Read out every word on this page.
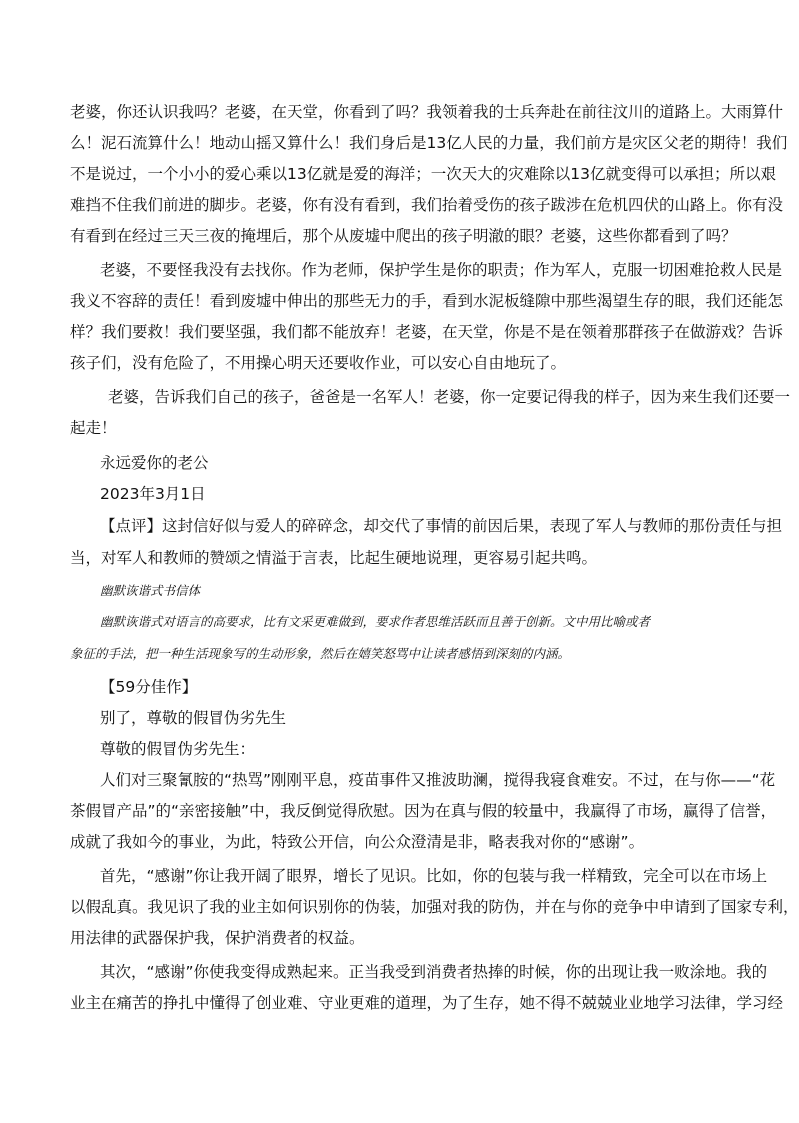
老婆，你还认识我吗？老婆，在天堂，你看到了吗？我领着我的士兵奔赴在前往汶川的道路上。大雨算什
么！泥石流算什么！地动山摇又算什么！我们身后是13亿人民的力量，我们前方是灾区父老的期待！我们
不是说过，一个小小的爱心乘以13亿就是爱的海洋；一次天大的灾难除以13亿就变得可以承担；所以艰
难挡不住我们前进的脚步。老婆，你有没有看到，我们抬着受伤的孩子跋涉在危机四伏的山路上。你有没
有看到在经过三天三夜的掩埋后，那个从废墟中爬出的孩子明澈的眼？老婆，这些你都看到了吗？
老婆，不要怪我没有去找你。作为老师，保护学生是你的职责；作为军人，克服一切困难抢救人民是
我义不容辞的责任！看到废墟中伸出的那些无力的手，看到水泥板缝隙中那些渴望生存的眼，我们还能怎
样？我们要救！我们要坚强，我们都不能放弃！老婆，在天堂，你是不是在领着那群孩子在做游戏？告诉
孩子们，没有危险了，不用操心明天还要收作业，可以安心自由地玩了。
老婆，告诉我们自己的孩子，爸爸是一名军人！老婆，你一定要记得我的样子，因为来生我们还要一
起走！
永远爱你的老公
2023年3月1日
【点评】这封信好似与爱人的碎碎念，却交代了事情的前因后果，表现了军人与教师的那份责任与担
当，对军人和教师的赞颂之情溢于言表，比起生硬地说理，更容易引起共鸣。
幽默诙谐式书信体
幽默诙谐式对语言的高要求，比有文采更难做到，要求作者思维活跃而且善于创新。文中用比喻或者
象征的手法，把一种生活现象写的生动形象，然后在嬉笑怒骂中让读者感悟到深刻的内涵。
【59分佳作】
别了，尊敬的假冒伪劣先生
尊敬的假冒伪劣先生：
人们对三聚氰胺的“热骂”刚刚平息，疫苗事件又推波助澜，搅得我寝食难安。不过，在与你——“花
茶假冒产品”的“亲密接触”中，我反倒觉得欣慰。因为在真与假的较量中，我赢得了市场，赢得了信誉，
成就了我如今的事业，为此，特致公开信，向公众澄清是非，略表我对你的“感谢”。
首先，“感谢”你让我开阔了眼界，增长了见识。比如，你的包装与我一样精致，完全可以在市场上
以假乱真。我见识了我的业主如何识别你的伪装，加强对我的防伪，并在与你的竞争中申请到了国家专利，
用法律的武器保护我，保护消费者的权益。
其次，“感谢”你使我变得成熟起来。正当我受到消费者热捧的时候，你的出现让我一败涂地。我的
业主在痛苦的挣扎中懂得了创业难、守业更难的道理，为了生存，她不得不兢兢业业地学习法律，学习经
